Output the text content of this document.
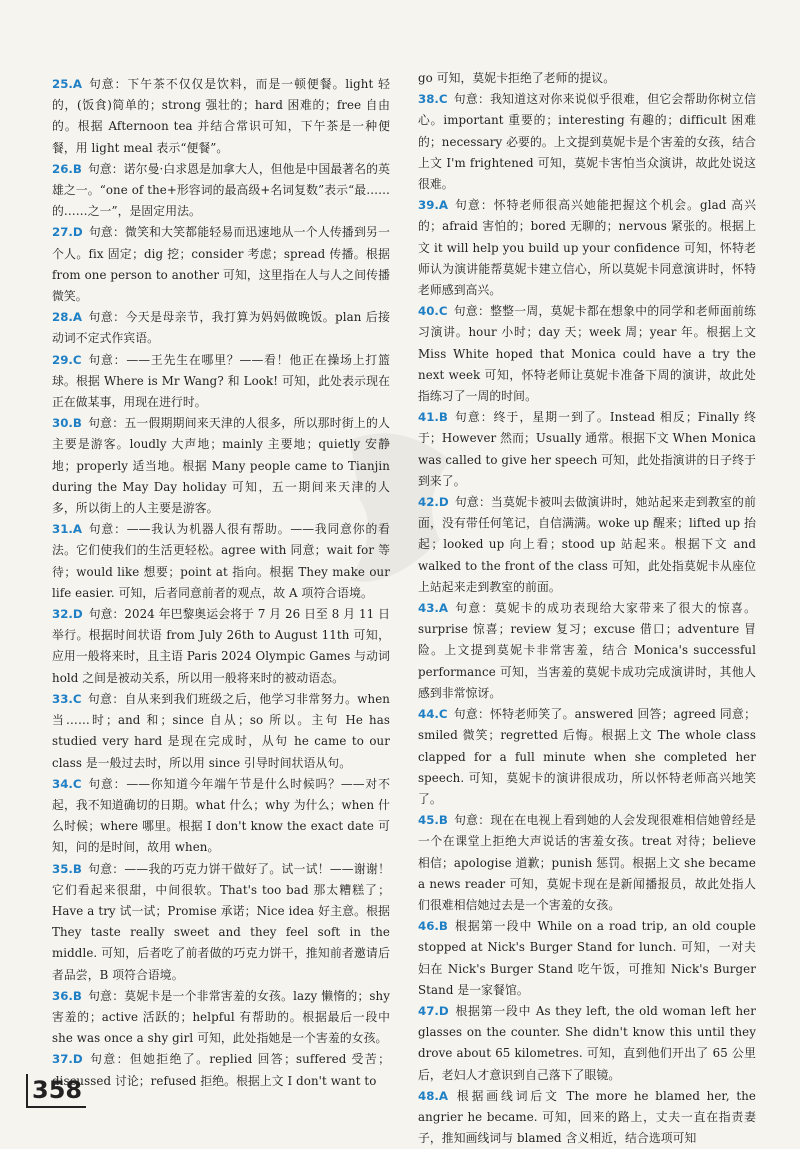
25.A 句意：下午茶不仅仅是饮料，而是一顿便餐。light 轻的，(饭食)简单的；strong 强壮的；hard 困难的；free 自由的。根据 Afternoon tea 并结合常识可知，下午茶是一种便餐，用 light meal 表示“便餐”。

26.B 句意：诺尔曼·白求恩是加拿大人，但他是中国最著名的英雄之一。“one of the+形容词的最高级+名词复数”表示“最……的……之一”，是固定用法。

27.D 句意：微笑和大笑都能轻易而迅速地从一个人传播到另一个人。fix 固定；dig 挖；consider 考虑；spread 传播。根据 from one person to another 可知，这里指在人与人之间传播微笑。

28.A 句意：今天是母亲节，我打算为妈妈做晚饭。plan 后接动词不定式作宾语。

29.C 句意：——王先生在哪里？——看！他正在操场上打篮球。根据 Where is Mr Wang? 和 Look! 可知，此处表示现在正在做某事，用现在进行时。

30.B 句意：五一假期期间来天津的人很多，所以那时街上的人主要是游客。loudly 大声地；mainly 主要地；quietly 安静地；properly 适当地。根据 Many people came to Tianjin during the May Day holiday 可知，五一期间来天津的人多，所以街上的人主要是游客。

31.A 句意：——我认为机器人很有帮助。——我同意你的看法。它们使我们的生活更轻松。agree with 同意；wait for 等待；would like 想要；point at 指向。根据 They make our life easier. 可知，后者同意前者的观点，故 A 项符合语境。

32.D 句意：2024 年巴黎奥运会将于 7 月 26 日至 8 月 11 日举行。根据时间状语 from July 26th to August 11th 可知，应用一般将来时，且主语 Paris 2024 Olympic Games 与动词 hold 之间是被动关系，所以用一般将来时的被动语态。

33.C 句意：自从来到我们班级之后，他学习非常努力。when 当……时；and 和；since 自从；so 所以。主句 He has studied very hard 是现在完成时，从句 he came to our class 是一般过去时，所以用 since 引导时间状语从句。

34.C 句意：——你知道今年端午节是什么时候吗？——对不起，我不知道确切的日期。what 什么；why 为什么；when 什么时候；where 哪里。根据 I don't know the exact date 可知，问的是时间，故用 when。

35.B 句意：——我的巧克力饼干做好了。试一试！——谢谢！它们看起来很甜，中间很软。That's too bad 那太糟糕了；Have a try 试一试；Promise 承诺；Nice idea 好主意。根据 They taste really sweet and they feel soft in the middle. 可知，后者吃了前者做的巧克力饼干，推知前者邀请后者品尝，B 项符合语境。

36.B 句意：莫妮卡是一个非常害羞的女孩。lazy 懒惰的；shy 害羞的；active 活跃的；helpful 有帮助的。根据最后一段中 she was once a shy girl 可知，此处指她是一个害羞的女孩。

37.D 句意：但她拒绝了。replied 回答；suffered 受苦；discussed 讨论；refused 拒绝。根据上文 I don't want to

go 可知，莫妮卡拒绝了老师的提议。

38.C 句意：我知道这对你来说似乎很难，但它会帮助你树立信心。important 重要的；interesting 有趣的；difficult 困难的；necessary 必要的。上文提到莫妮卡是个害羞的女孩，结合上文 I'm frightened 可知，莫妮卡害怕当众演讲，故此处说这很难。

39.A 句意：怀特老师很高兴她能把握这个机会。glad 高兴的；afraid 害怕的；bored 无聊的；nervous 紧张的。根据上文 it will help you build up your confidence 可知，怀特老师认为演讲能帮莫妮卡建立信心，所以莫妮卡同意演讲时，怀特老师感到高兴。

40.C 句意：整整一周，莫妮卡都在想象中的同学和老师面前练习演讲。hour 小时；day 天；week 周；year 年。根据上文 Miss White hoped that Monica could have a try the next week 可知，怀特老师让莫妮卡准备下周的演讲，故此处指练习了一周的时间。

41.B 句意：终于，星期一到了。Instead 相反；Finally 终于；However 然而；Usually 通常。根据下文 When Monica was called to give her speech 可知，此处指演讲的日子终于到来了。

42.D 句意：当莫妮卡被叫去做演讲时，她站起来走到教室的前面，没有带任何笔记，自信满满。woke up 醒来；lifted up 抬起；looked up 向上看；stood up 站起来。根据下文 and walked to the front of the class 可知，此处指莫妮卡从座位上站起来走到教室的前面。

43.A 句意：莫妮卡的成功表现给大家带来了很大的惊喜。surprise 惊喜；review 复习；excuse 借口；adventure 冒险。上文提到莫妮卡非常害羞，结合 Monica's successful performance 可知，当害羞的莫妮卡成功完成演讲时，其他人感到非常惊讶。

44.C 句意：怀特老师笑了。answered 回答；agreed 同意；smiled 微笑；regretted 后悔。根据上文 The whole class clapped for a full minute when she completed her speech. 可知，莫妮卡的演讲很成功，所以怀特老师高兴地笑了。

45.B 句意：现在在电视上看到她的人会发现很难相信她曾经是一个在课堂上拒绝大声说话的害羞女孩。treat 对待；believe 相信；apologise 道歉；punish 惩罚。根据上文 she became a news reader 可知，莫妮卡现在是新闻播报员，故此处指人们很难相信她过去是一个害羞的女孩。

46.B 根据第一段中 While on a road trip, an old couple stopped at Nick's Burger Stand for lunch. 可知，一对夫妇在 Nick's Burger Stand 吃午饭，可推知 Nick's Burger Stand 是一家餐馆。

47.D 根据第一段中 As they left, the old woman left her glasses on the counter. She didn't know this until they drove about 65 kilometres. 可知，直到他们开出了 65 公里后，老妇人才意识到自己落下了眼镜。

48.A 根据画线词后文 The more he blamed her, the angrier he became. 可知，回来的路上，丈夫一直在指责妻子，推知画线词与 blamed 含义相近，结合选项可知

358
